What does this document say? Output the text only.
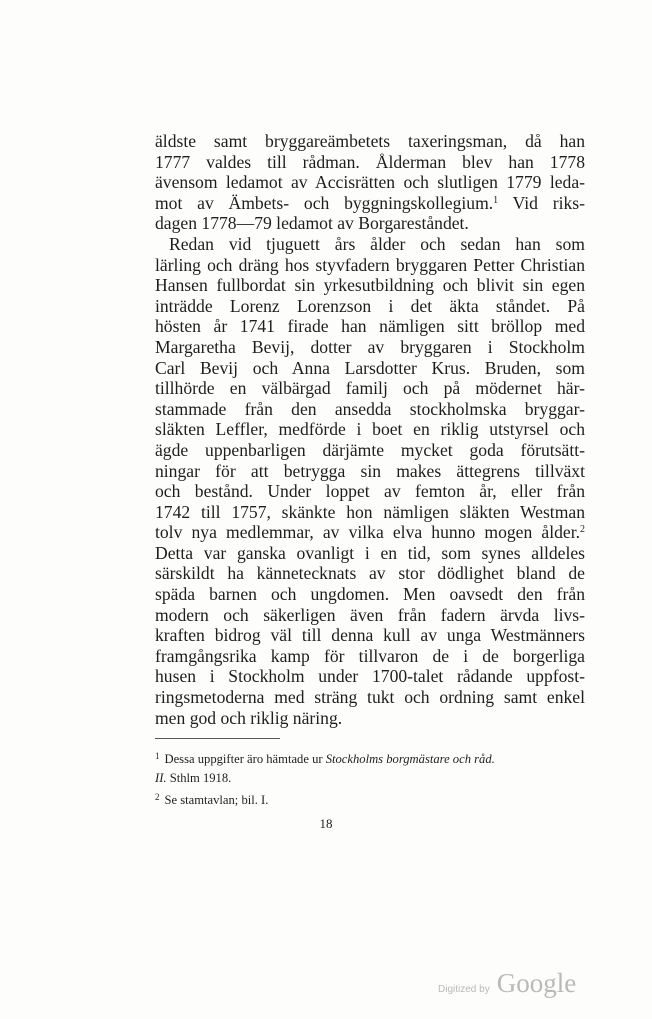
äldste samt bryggareämbetets taxeringsman, då han
1777 valdes till rådman. Ålderman blev han 1778
ävensom ledamot av Accisrätten och slutligen 1779 leda-
mot av Ämbets- och byggningskollegium.$^1$ Vid riks-
dagen 1778—79 ledamot av Borgareståndet.
Redan vid tjuguett års ålder och sedan han som
lärling och dräng hos styvfadern bryggaren Petter Christian
Hansen fullbordat sin yrkesutbildning och blivit sin egen
inträdde Lorenz Lorenzson i det äkta ståndet. På
hösten år 1741 firade han nämligen sitt bröllop med
Margaretha Bevij, dotter av bryggaren i Stockholm
Carl Bevij och Anna Larsdotter Krus. Bruden, som
tillhörde en välbärgad familj och på mödernet här-
stammade från den ansedda stockholmska bryggar-
släkten Leffler, medförde i boet en riklig utstyrsel och
ägde uppenbarligen därjämte mycket goda förutsätt-
ningar för att betrygga sin makes ättegrens tillväxt
och bestånd. Under loppet av femton år, eller från
1742 till 1757, skänkte hon nämligen släkten Westman
tolv nya medlemmar, av vilka elva hunno mogen ålder.$^2$
Detta var ganska ovanligt i en tid, som synes alldeles
särskildt ha kännetecknats av stor dödlighet bland de
späda barnen och ungdomen. Men oavsedt den från
modern och säkerligen även från fadern ärvda livs-
kraften bidrog väl till denna kull av unga Westmänners
framgångsrika kamp för tillvaron de i de borgerliga
husen i Stockholm under 1700-talet rådande uppfost-
ringsmetoderna med sträng tukt och ordning samt enkel
men god och riklig näring.
$^1$ Dessa uppgifter äro hämtade ur Stockholms borgmästare och råd.
II. Sthlm 1918.
$^2$ Se stamtavlan; bil. I.
18
Digitized by Google
